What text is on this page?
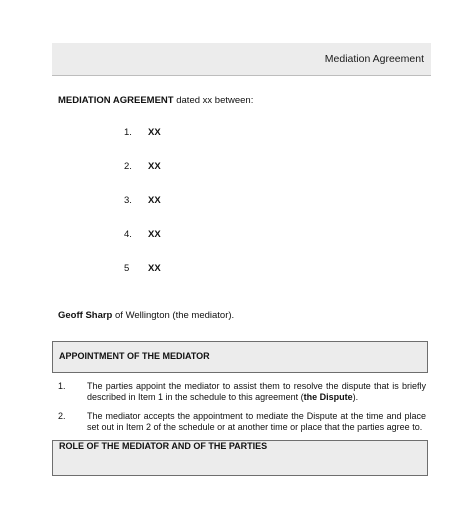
Mediation Agreement
MEDIATION AGREEMENT dated xx between:
1. XX
2. XX
3. XX
4. XX
5 XX
Geoff Sharp of Wellington (the mediator).
APPOINTMENT OF THE MEDIATOR
1. The parties appoint the mediator to assist them to resolve the dispute that is briefly described in Item 1 in the schedule to this agreement (the Dispute).
2. The mediator accepts the appointment to mediate the Dispute at the time and place set out in Item 2 of the schedule or at another time or place that the parties agree to.
ROLE OF THE MEDIATOR AND OF THE PARTIES
